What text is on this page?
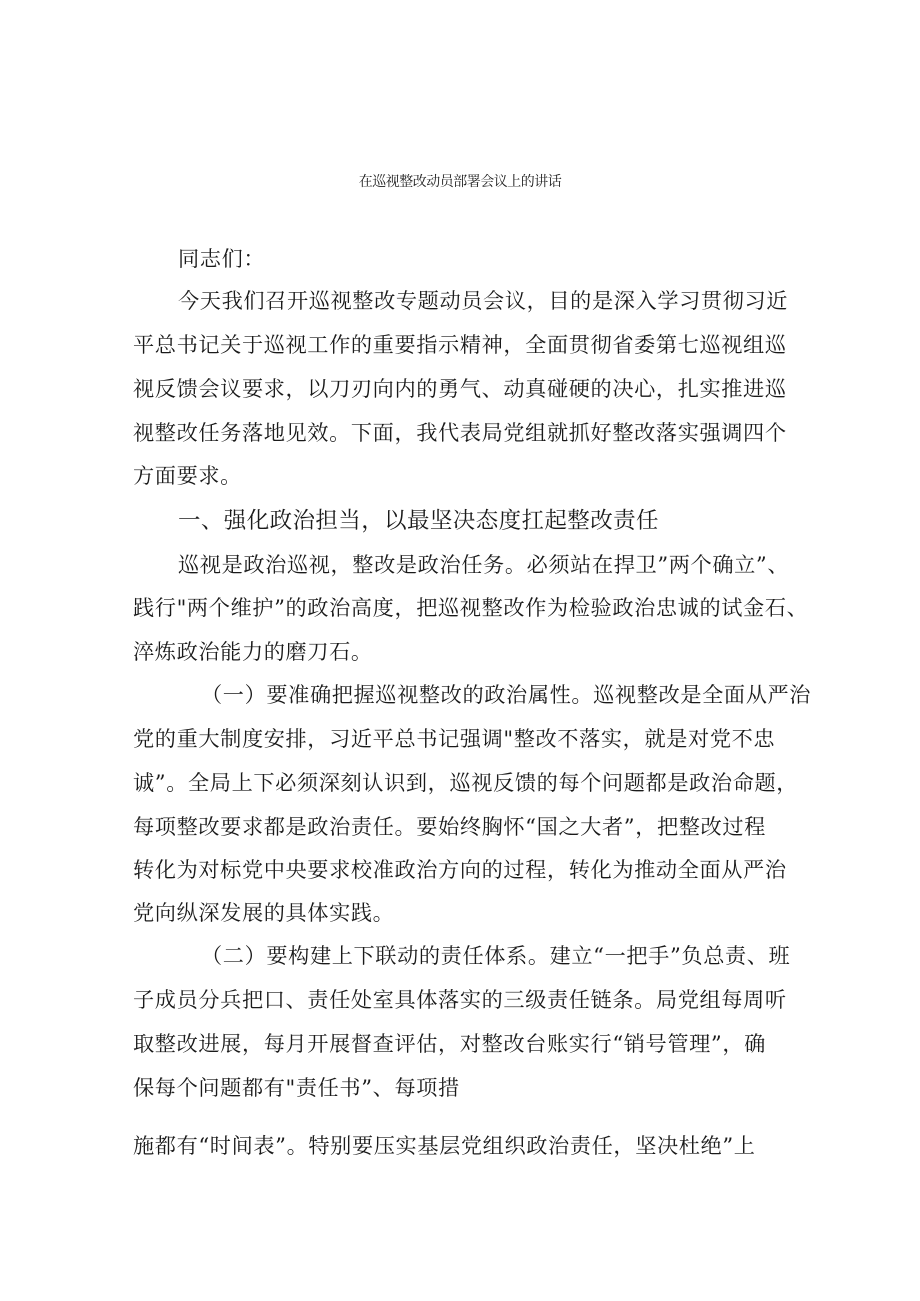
在巡视整改动员部署会议上的讲话
同志们：
今天我们召开巡视整改专题动员会议，目的是深入学习贯彻习近
平总书记关于巡视工作的重要指示精神，全面贯彻省委第七巡视组巡
视反馈会议要求，以刀刃向内的勇气、动真碰硬的决心，扎实推进巡
视整改任务落地见效。下面，我代表局党组就抓好整改落实强调四个
方面要求。
一、强化政治担当，以最坚决态度扛起整改责任
巡视是政治巡视，整改是政治任务。必须站在捍卫”两个确立”、
践行"两个维护”的政治高度，把巡视整改作为检验政治忠诚的试金石、
淬炼政治能力的磨刀石。
（一）要准确把握巡视整改的政治属性。巡视整改是全面从严治
党的重大制度安排，习近平总书记强调"整改不落实，就是对党不忠
诚”。全局上下必须深刻认识到，巡视反馈的每个问题都是政治命题，
每项整改要求都是政治责任。要始终胸怀“国之大者”，把整改过程
转化为对标党中央要求校准政治方向的过程，转化为推动全面从严治
党向纵深发展的具体实践。
（二）要构建上下联动的责任体系。建立“一把手”负总责、班
子成员分兵把口、责任处室具体落实的三级责任链条。局党组每周听
取整改进展，每月开展督查评估，对整改台账实行“销号管理”，确
保每个问题都有"责任书”、每项措
施都有“时间表”。特别要压实基层党组织政治责任，坚决杜绝”上
